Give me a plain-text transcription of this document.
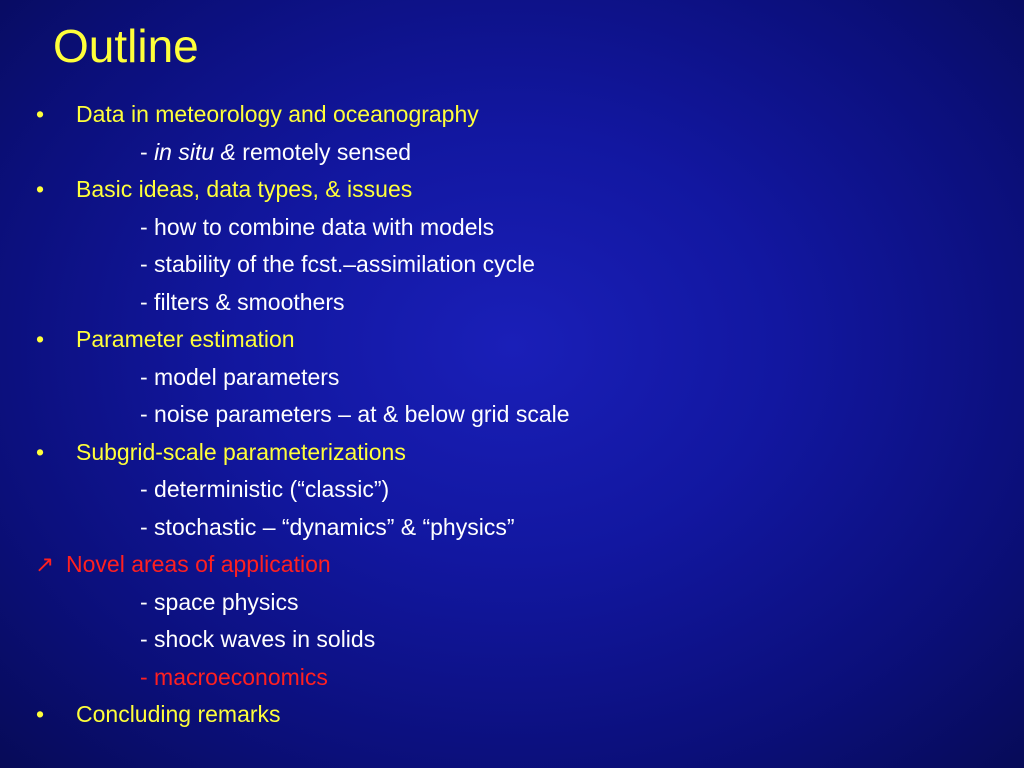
Outline
•	Data in meteorology and oceanography
- in situ & remotely sensed
•	Basic ideas, data types, & issues
- how to combine data with models
- stability of the fcst.–assimilation cycle
- filters & smoothers
•	Parameter estimation
- model parameters
- noise parameters – at & below grid scale
•	Subgrid-scale parameterizations
- deterministic (“classic”)
- stochastic – “dynamics” & “physics”
↗ Novel areas of application
- space physics
- shock waves in solids
- macroeconomics
•	Concluding remarks
